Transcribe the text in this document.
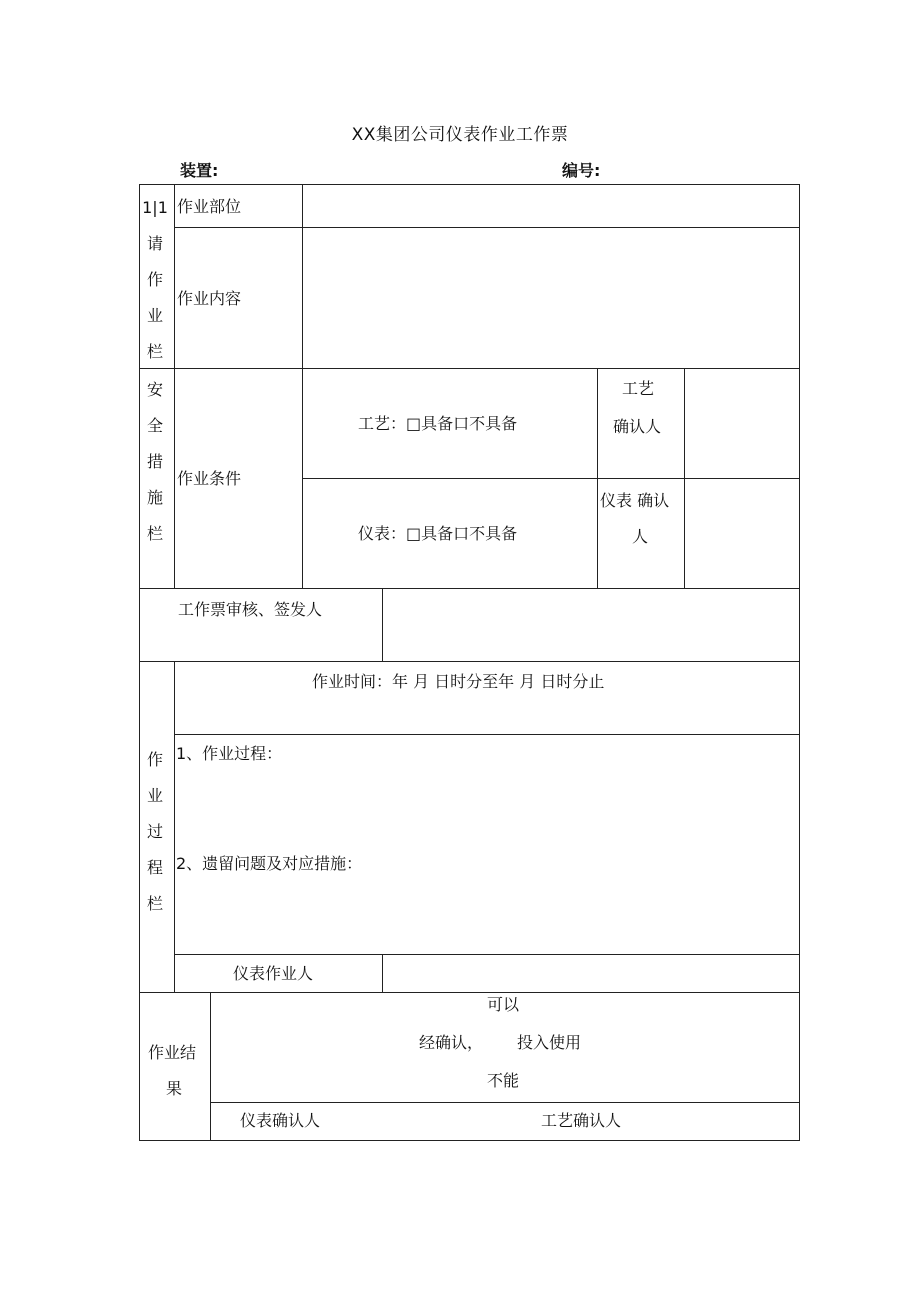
XX集团公司仪表作业工作票
装置:	编号:
1|1
请
作
业
栏
作业部位
作业内容
安
全
措
施
栏
作业条件
工艺：□具备口不具备
工艺
确认人
仪表：□具备口不具备
仪表 确认
人
工作票审核、签发人
作
业
过
程
栏
作业时间：年 月 日时分至年 月 日时分止
1、作业过程：
2、遗留问题及对应措施：
仪表作业人
作业结
果
可以
经确认， 投入使用
不能
仪表确认人	工艺确认人
